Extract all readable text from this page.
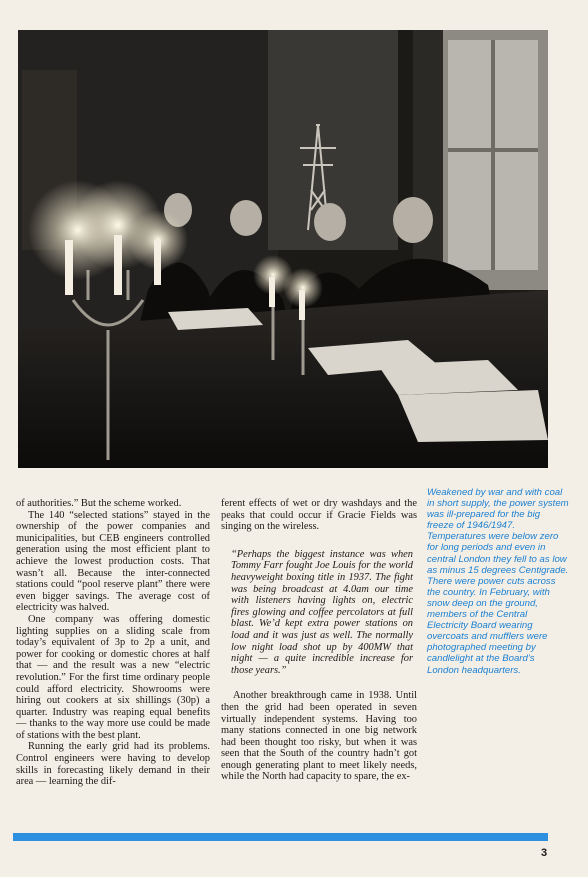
of authorities.” But the scheme worked.

The 140 “selected stations” stayed in the ownership of the power companies and municipalities, but CEB engineers controlled generation using the most efficient plant to achieve the lowest production costs. That wasn’t all. Because the inter-connected stations could “pool reserve plant” there were even bigger savings. The average cost of electricity was halved.

One company was offering domestic lighting supplies on a sliding scale from today’s equivalent of 3p to 2p a unit, and power for cooking or domestic chores at half that — and the result was a new “electric revolution.” For the first time ordinary people could afford electricity. Showrooms were hiring out cookers at six shillings (30p) a quarter. Industry was reaping equal benefits — thanks to the way more use could be made of stations with the best plant.

Running the early grid had its problems. Control engineers were having to develop skills in forecasting likely demand in their area — learning the dif-

ferent effects of wet or dry washdays and the peaks that could occur if Gracie Fields was singing on the wireless.

“Perhaps the biggest instance was when Tommy Farr fought Joe Louis for the world heavyweight boxing title in 1937. The fight was being broadcast at 4.0am our time with listeners having lights on, electric fires glowing and coffee percolators at full blast. We’d kept extra power stations on load and it was just as well. The normally low night load shot up by 400MW that night — a quite incredible increase for those years.”

Another breakthrough came in 1938. Until then the grid had been operated in seven virtually independent systems. Having too many stations connected in one big network had been thought too risky, but when it was seen that the South of the country hadn’t got enough generating plant to meet likely needs, while the North had capacity to spare, the ex-

Weakened by war and with coal in short supply, the power system was ill-prepared for the big freeze of 1946/1947. Temperatures were below zero for long periods and even in central London they fell to as low as minus 15 degrees Centigrade. There were power cuts across the country. In February, with snow deep on the ground, members of the Central Electricity Board wearing overcoats and mufflers were photographed meeting by candlelight at the Board’s London headquarters.
3
